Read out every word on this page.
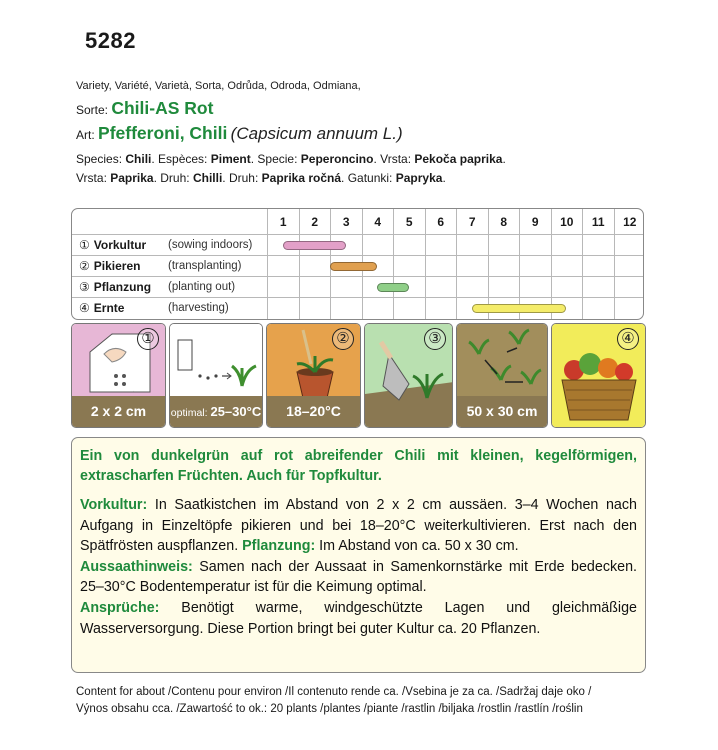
5282
Variety, Variété, Varietà, Sorta, Odrůda, Odroda, Odmiana,
Sorte: Chili-AS Rot
Art: Pfefferoni, Chili (Capsicum annuum L.)
Species: Chili. Espèces: Piment. Specie: Peperoncino. Vrsta: Pekoča paprika.
Vrsta: Paprika. Druh: Chilli. Druh: Paprika ročná. Gatunki: Papryka.
1	2	3	4	5	6	7	8	9	10	11	12
① Vorkultur (sowing indoors)
② Pikieren (transplanting)
③ Pflanzung (planting out)
④ Ernte	(harvesting)
①
2 x 2 cm	optimal: 25–30°C
②
18–20°C
③
50 x 30 cm
④
Ein von dunkelgrün auf rot abreifender Chili mit kleinen, kegelförmigen, extrascharfen Früchten. Auch für Topfkultur.
Vorkultur: In Saatkistchen im Abstand von 2 x 2 cm aussäen. 3–4 Wochen nach Aufgang in Einzeltöpfe pikieren und bei 18–20°C weiterkultivieren. Erst nach den Spätfrösten auspflanzen. Pflanzung: Im Abstand von ca. 50 x 30 cm.
Aussaathinweis: Samen nach der Aussaat in Samenkornstärke mit Erde bedecken. 25–30°C Bodentemperatur ist für die Keimung optimal.
Ansprüche: Benötigt warme, windgeschützte Lagen und gleichmäßige Wasserversorgung. Diese Portion bringt bei guter Kultur ca. 20 Pflanzen.
Content for about /Contenu pour environ /Il contenuto rende ca. /Vsebina je za ca. /Sadržaj daje oko /
Výnos obsahu cca. /Zawartość to ok.: 20 plants /plantes /piante /rastlin /biljaka /rostlin /rastlín /roślin
